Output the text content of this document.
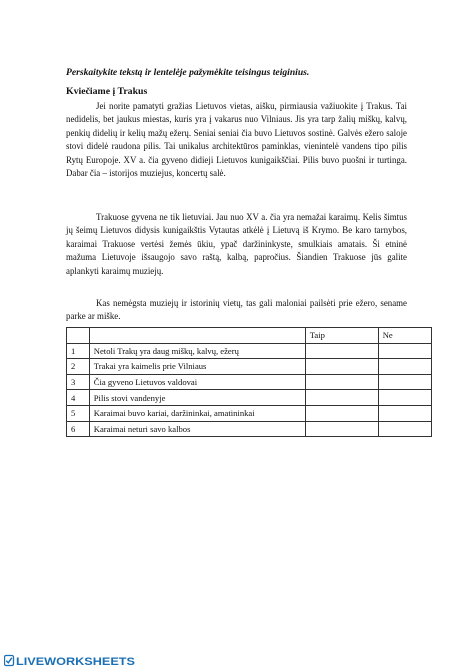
Perskaitykite tekstą ir lentelėje pažymėkite teisingus teiginius.
Kviečiame į Trakus

Jei norite pamatyti gražias Lietuvos vietas, aišku, pirmiausia važiuokite į Trakus. Tai nedidelis, bet jaukus miestas, kuris yra į vakarus nuo Vilniaus. Jis yra tarp žalių miškų, kalvų, penkių didelių ir kelių mažų ežerų. Seniai seniai čia buvo Lietuvos sostinė. Galvės ežero saloje stovi didelė raudona pilis. Tai unikalus architektūros paminklas, vienintelė vandens tipo pilis Rytų Europoje. XV a. čia gyveno didieji Lietuvos kunigaikščiai. Pilis buvo puošni ir turtinga. Dabar čia – istorijos muziejus, koncertų salė.

Trakuose gyvena ne tik lietuviai. Jau nuo XV a. čia yra nemažai karaimų. Kelis šimtus jų šeimų Lietuvos didysis kunigaikštis Vytautas atkėlė į Lietuvą iš Krymo. Be karo tarnybos, karaimai Trakuose vertėsi žemės ūkiu, ypač daržininkyste, smulkiais amatais. Ši etninė mažuma Lietuvoje išsaugojo savo raštą, kalbą, papročius. Šiandien Trakuose jūs galite aplankyti karaimų muziejų.

Kas nemėgsta muziejų ir istorinių vietų, tas gali maloniai pailsėti prie ežero, sename parke ar miške.

		Taip	Ne
1	Netoli Trakų yra daug miškų, kalvų, ežerų		
2	Trakai yra kaimelis prie Vilniaus		
3	Čia gyveno Lietuvos valdovai		
4	Pilis stovi vandenyje		
5	Karaimai buvo kariai, daržininkai, amatininkai		
6	Karaimai neturi savo kalbos		
LIVEWORKSHEETS
